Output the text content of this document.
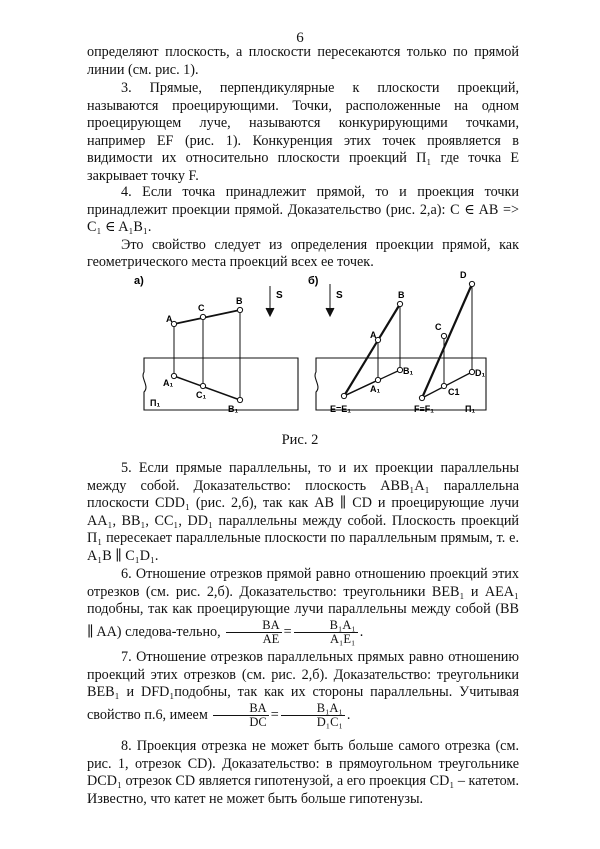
6

определяют плоскость, а плоскости пересекаются только по прямой линии (см. рис. 1).

3. Прямые, перпендикулярные к плоскости проекций, называются проецирующими. Точки, расположенные на одном проецирующем луче, называются конкурирующими точками, например EF (рис. 1). Конкуренция этих точек проявляется в видимости их относительно плоскости проекций П₁ где точка E закрывает точку F.

4. Если точка принадлежит прямой, то и проекция точки принадлежит проекции прямой. Доказательство (рис. 2,а): C ∈ AB => C₁ ∈ A₁B₁.

Это свойство следует из определения проекции прямой, как геометрического места проекций всех ее точек.

а)
S
A
C
B
A₁
C₁
B₁
П₁
б)
S
A
B
C
D
A₁
B₁
C1
D₁
E=E₁	F≡F₁	П₁
Рис. 2

5. Если прямые параллельны, то и их проекции параллельны между собой. Доказательство: плоскость ABB₁A₁ параллельна плоскости CDD₁ (рис. 2,б), так как AB ∥ CD и проецирующие лучи AA₁, BB₁, CC₁, DD₁ параллельны между собой. Плоскость проекций П₁ пересекает параллельные плоскости по параллельным прямым, т. е. A₁B ∥ C₁D₁.

6. Отношение отрезков прямой равно отношению проекций этих отрезков (см. рис. 2,б). Доказательство: треугольники BEB₁ и AEA₁ подобны, так как проецирующие лучи параллельны между собой (BB ∥ AA) следова-тельно, $\frac{BA}{AE} = \frac{\text{B₁A₁}}{\text{A₁E₁}}$ .

7. Отношение отрезков параллельных прямых равно отношению проекций этих отрезков (см. рис. 2,б). Доказательство: треугольники BEB₁ и DFD₁подобны, так как их стороны параллельны. Учитывая свойство п.6, имеем $\frac{BA}{DC} = \frac{\text{B₁A₁}}{\text{D₁C₁}}$ .

8. Проекция отрезка не может быть больше самого отрезка (см. рис. 1, отрезок CD). Доказательство: в прямоугольном треугольнике DCD₁ отрезок CD является гипотенузой, а его проекция CD₁ – катетом. Известно, что катет не может быть больше гипотенузы.
